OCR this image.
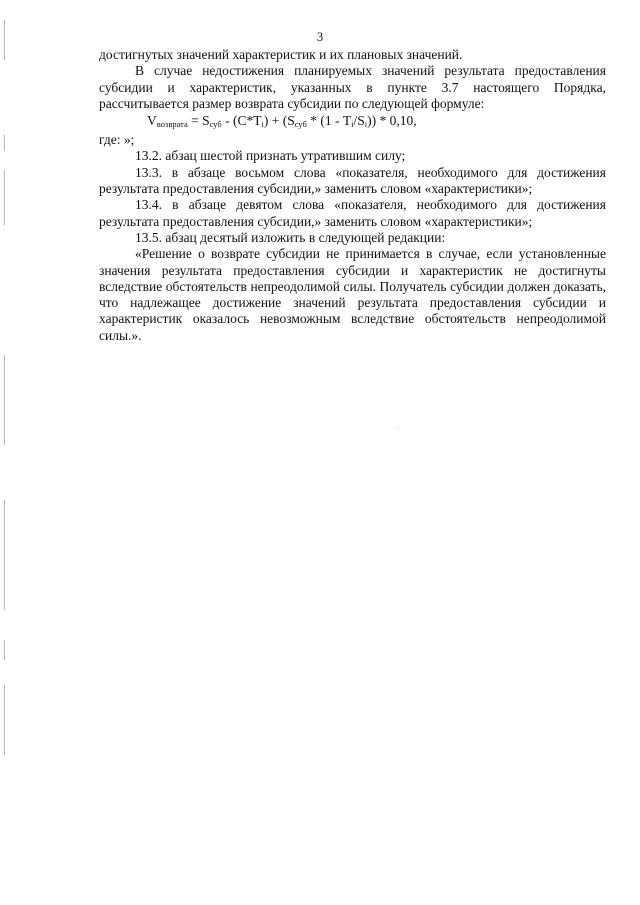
3

достигнутых значений характеристик и их плановых значений.

В случае недостижения планируемых значений результата предоставления субсидии и характеристик, указанных в пункте 3.7 настоящего Порядка, рассчитывается размер возврата субсидии по следующей формуле:

$V_{возврата} = S_{суб} - (C*T_i) + (S_{суб} * (1 - T_i/S_i)) * 0,10$,

где: »;

13.2. абзац шестой признать утратившим силу;

13.3. в абзаце восьмом слова «показателя, необходимого для достижения результата предоставления субсидии,» заменить словом «характеристики»;

13.4. в абзаце девятом слова «показателя, необходимого для достижения результата предоставления субсидии,» заменить словом «характеристики»;

13.5. абзац десятый изложить в следующей редакции:

«Решение о возврате субсидии не принимается в случае, если установленные значения результата предоставления субсидии и характеристик не достигнуты вследствие обстоятельств непреодолимой силы. Получатель субсидии должен доказать, что надлежащее достижение значений результата предоставления субсидии и характеристик оказалось невозможным вследствие обстоятельств непреодолимой силы.».
